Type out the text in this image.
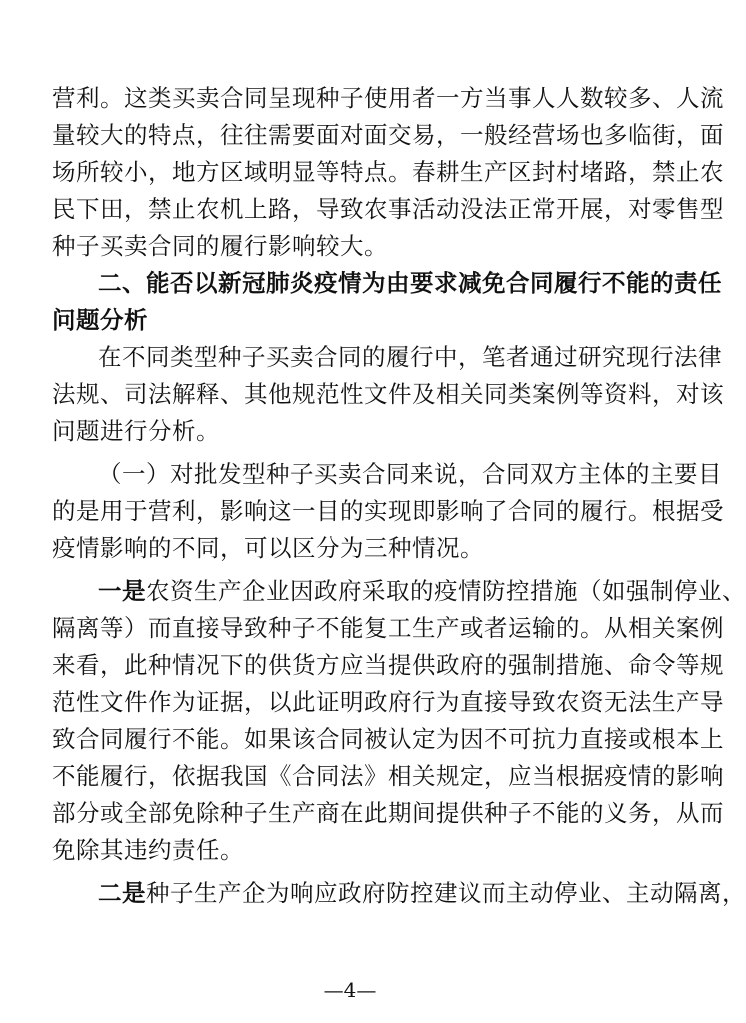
营利。这类买卖合同呈现种子使用者一方当事人人数较多、人流
量较大的特点，往往需要面对面交易，一般经营场也多临街，面
场所较小，地方区域明显等特点。春耕生产区封村堵路，禁止农
民下田，禁止农机上路，导致农事活动没法正常开展，对零售型
种子买卖合同的履行影响较大。
二、能否以新冠肺炎疫情为由要求减免合同履行不能的责任
问题分析
在不同类型种子买卖合同的履行中，笔者通过研究现行法律
法规、司法解释、其他规范性文件及相关同类案例等资料，对该
问题进行分析。
（一）对批发型种子买卖合同来说，合同双方主体的主要目
的是用于营利，影响这一目的实现即影响了合同的履行。根据受
疫情影响的不同，可以区分为三种情况。
一是农资生产企业因政府采取的疫情防控措施（如强制停业、
隔离等）而直接导致种子不能复工生产或者运输的。从相关案例
来看，此种情况下的供货方应当提供政府的强制措施、命令等规
范性文件作为证据，以此证明政府行为直接导致农资无法生产导
致合同履行不能。如果该合同被认定为因不可抗力直接或根本上
不能履行，依据我国《合同法》相关规定，应当根据疫情的影响
部分或全部免除种子生产商在此期间提供种子不能的义务，从而
免除其违约责任。
二是种子生产企为响应政府防控建议而主动停业、主动隔离，
—4—
